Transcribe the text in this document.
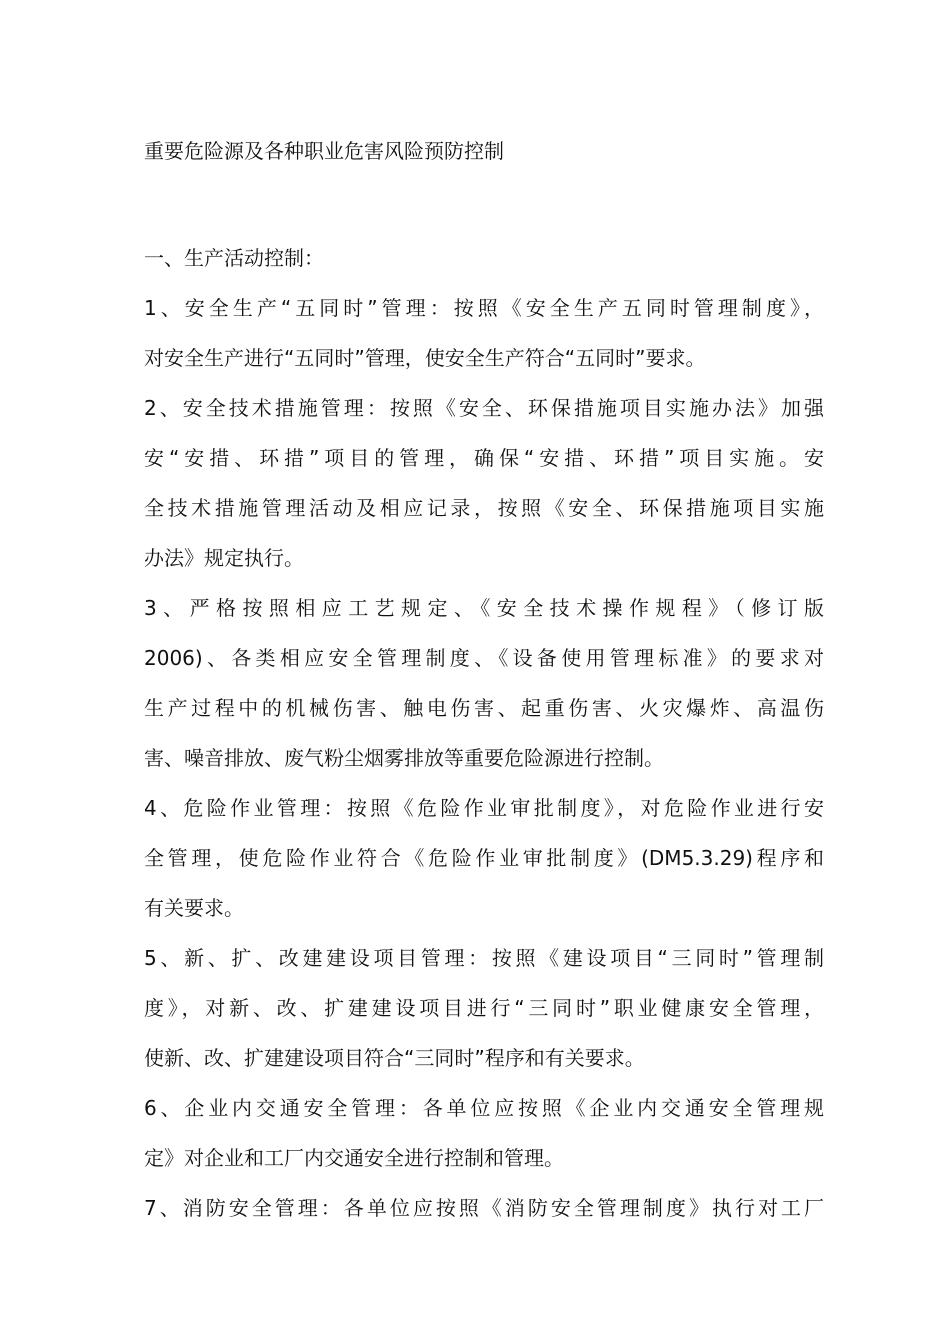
重要危险源及各种职业危害风险预防控制
一、生产活动控制：
1、安全生产“五同时”管理：按照《安全生产五同时管理制度》，
对安全生产进行“五同时”管理，使安全生产符合“五同时”要求。
2、安全技术措施管理：按照《安全、环保措施项目实施办法》加强
安“安措、环措”项目的管理，确保“安措、环措”项目实施。安
全技术措施管理活动及相应记录，按照《安全、环保措施项目实施
办法》规定执行。
3、严格按照相应工艺规定、《安全技术操作规程》（修订版
2006)、各类相应安全管理制度、《设备使用管理标准》的要求对
生产过程中的机械伤害、触电伤害、起重伤害、火灾爆炸、高温伤
害、噪音排放、废气粉尘烟雾排放等重要危险源进行控制。
4、危险作业管理：按照《危险作业审批制度》，对危险作业进行安
全管理，使危险作业符合《危险作业审批制度》(DM5.3.29)程序和
有关要求。
5、新、扩、改建建设项目管理：按照《建设项目“三同时”管理制
度》，对新、改、扩建建设项目进行“三同时”职业健康安全管理，
使新、改、扩建建设项目符合“三同时”程序和有关要求。
6、企业内交通安全管理：各单位应按照《企业内交通安全管理规
定》对企业和工厂内交通安全进行控制和管理。
7、消防安全管理：各单位应按照《消防安全管理制度》执行对工厂
